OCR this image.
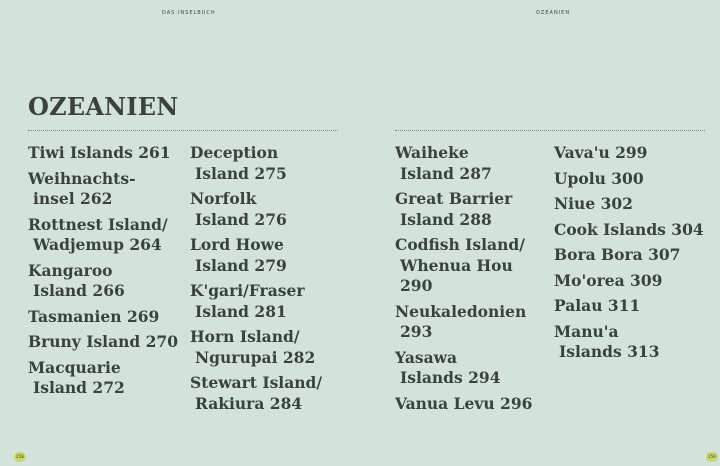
DAS INSELBUCH	OZEANIEN
OZEANIEN
Tiwi Islands 261
Weihnachts-
insel 262
Rottnest Island/
Wadjemup 264
Kangaroo
Island 266
Tasmanien 269
Bruny Island 270
Macquarie
Island 272
Deception
Island 275
Norfolk
Island 276
Lord Howe
Island 279
K'gari/Fraser
Island 281
Horn Island/
Ngurupai 282
Stewart Island/
Rakiura 284
Waiheke
Island 287
Great Barrier
Island 288
Codfish Island/
Whenua Hou
290
Neukaledonien
293
Yasawa
Islands 294
Vanua Levu 296
Vava'u 299
Upolu 300
Niue 302
Cook Islands 304
Bora Bora 307
Mo'orea 309
Palau 311
Manu'a
Islands 313
258	259
